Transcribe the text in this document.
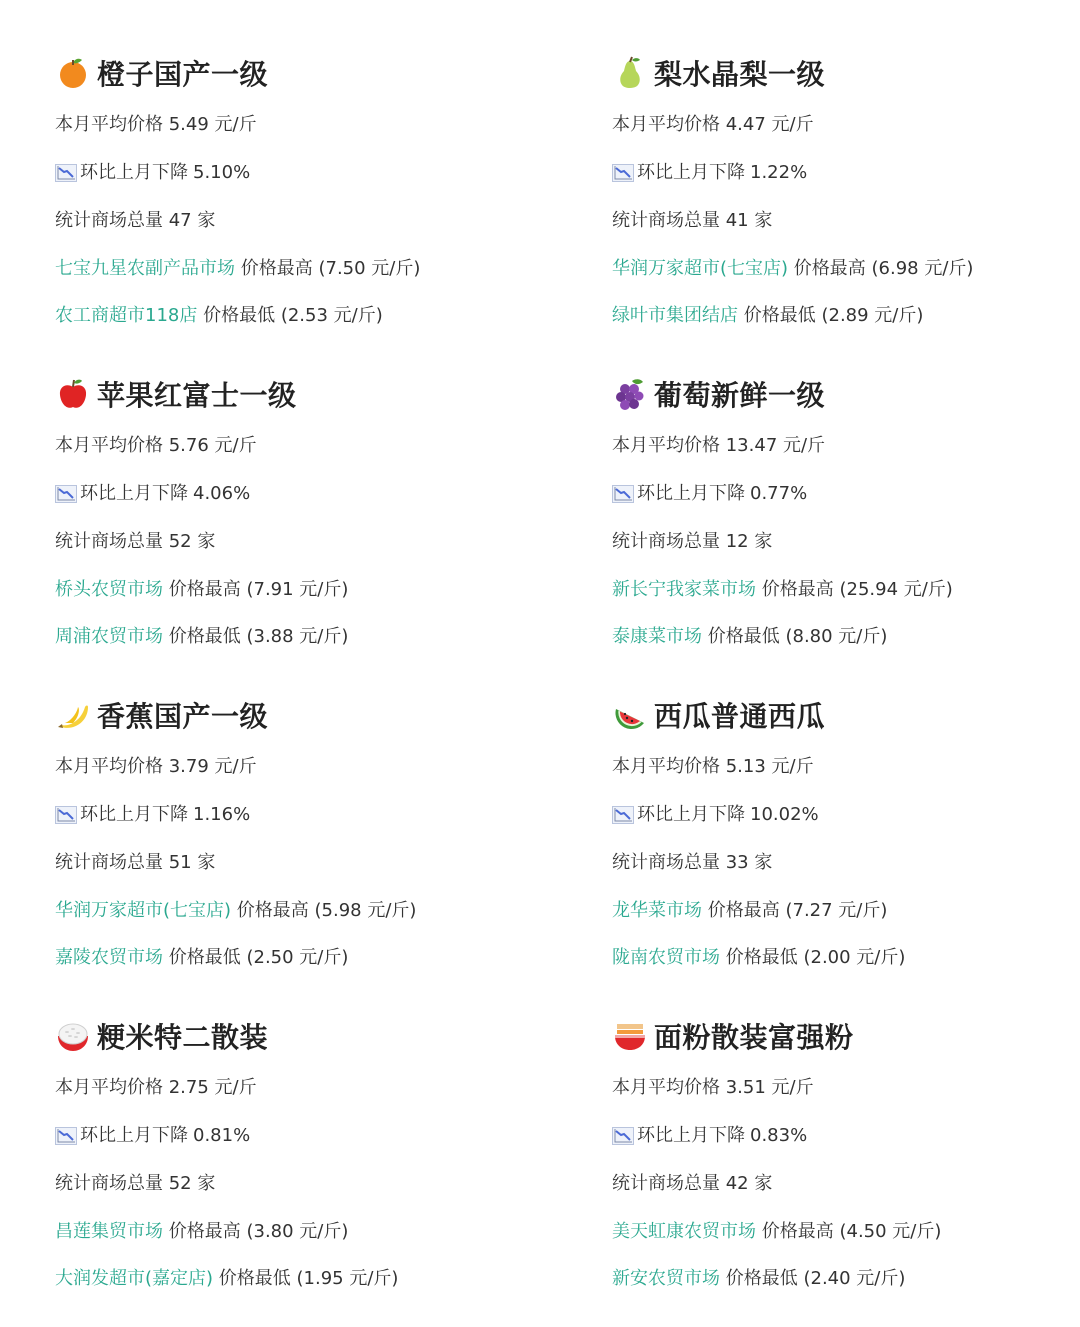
橙子国产一级
本月平均价格 5.49 元/斤
环比上月下降 5.10%
统计商场总量 47 家
七宝九星农副产品市场 价格最高 (7.50 元/斤)
农工商超市118店 价格最低 (2.53 元/斤)
梨水晶梨一级
本月平均价格 4.47 元/斤
环比上月下降 1.22%
统计商场总量 41 家
华润万家超市(七宝店) 价格最高 (6.98 元/斤)
绿叶市集团结店 价格最低 (2.89 元/斤)
苹果红富士一级
本月平均价格 5.76 元/斤
环比上月下降 4.06%
统计商场总量 52 家
桥头农贸市场 价格最高 (7.91 元/斤)
周浦农贸市场 价格最低 (3.88 元/斤)
葡萄新鲜一级
本月平均价格 13.47 元/斤
环比上月下降 0.77%
统计商场总量 12 家
新长宁我家菜市场 价格最高 (25.94 元/斤)
泰康菜市场 价格最低 (8.80 元/斤)
香蕉国产一级
本月平均价格 3.79 元/斤
环比上月下降 1.16%
统计商场总量 51 家
华润万家超市(七宝店) 价格最高 (5.98 元/斤)
嘉陵农贸市场 价格最低 (2.50 元/斤)
西瓜普通西瓜
本月平均价格 5.13 元/斤
环比上月下降 10.02%
统计商场总量 33 家
龙华菜市场 价格最高 (7.27 元/斤)
陇南农贸市场 价格最低 (2.00 元/斤)
粳米特二散装
本月平均价格 2.75 元/斤
环比上月下降 0.81%
统计商场总量 52 家
昌莲集贸市场 价格最高 (3.80 元/斤)
大润发超市(嘉定店) 价格最低 (1.95 元/斤)
面粉散装富强粉
本月平均价格 3.51 元/斤
环比上月下降 0.83%
统计商场总量 42 家
美天虹康农贸市场 价格最高 (4.50 元/斤)
新安农贸市场 价格最低 (2.40 元/斤)
